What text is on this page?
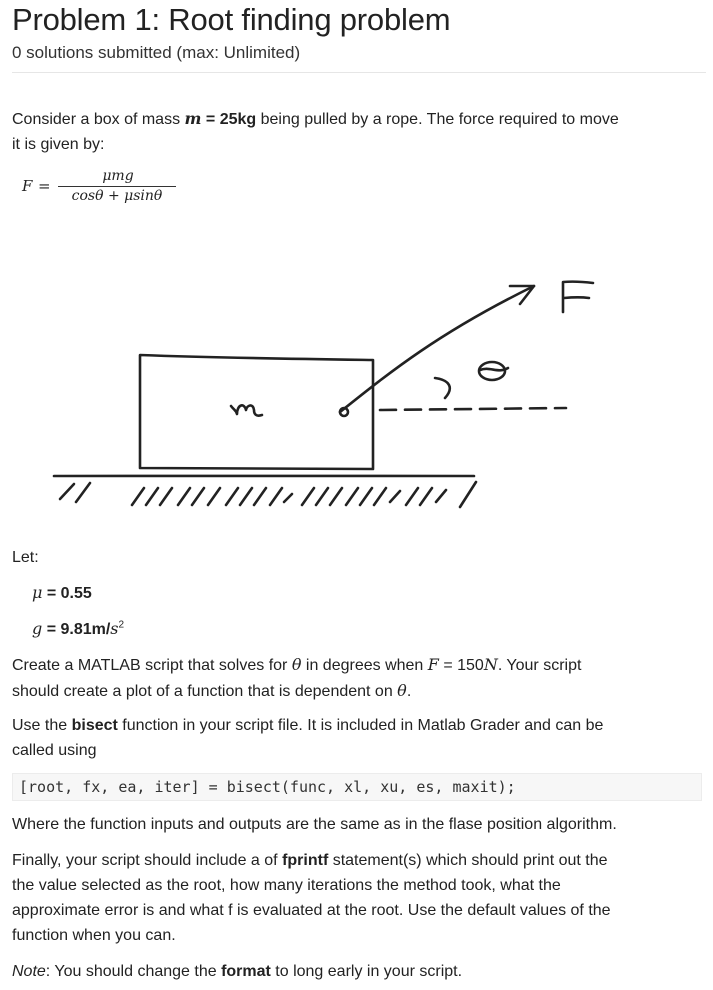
Problem 1: Root finding problem
0 solutions submitted (max: Unlimited)
Consider a box of mass m = 25kg being pulled by a rope. The force required to move
it is given by:
F =
μmg
cosθ + μsinθ
Let:
μ = 0.55
$g = 9.81m/s^2$
Create a MATLAB script that solves for θ in degrees when F = 150N. Your script
should create a plot of a function that is dependent on θ.
Use the bisect function in your script file. It is included in Matlab Grader and can be
called using
[root, fx, ea, iter] = bisect(func, xl, xu, es, maxit);
Where the function inputs and outputs are the same as in the flase position algorithm.
Finally, your script should include a of fprintf statement(s) which should print out the
the value selected as the root, how many iterations the method took, what the
approximate error is and what f is evaluated at the root. Use the default values of the
function when you can.
Note: You should change the format to long early in your script.
